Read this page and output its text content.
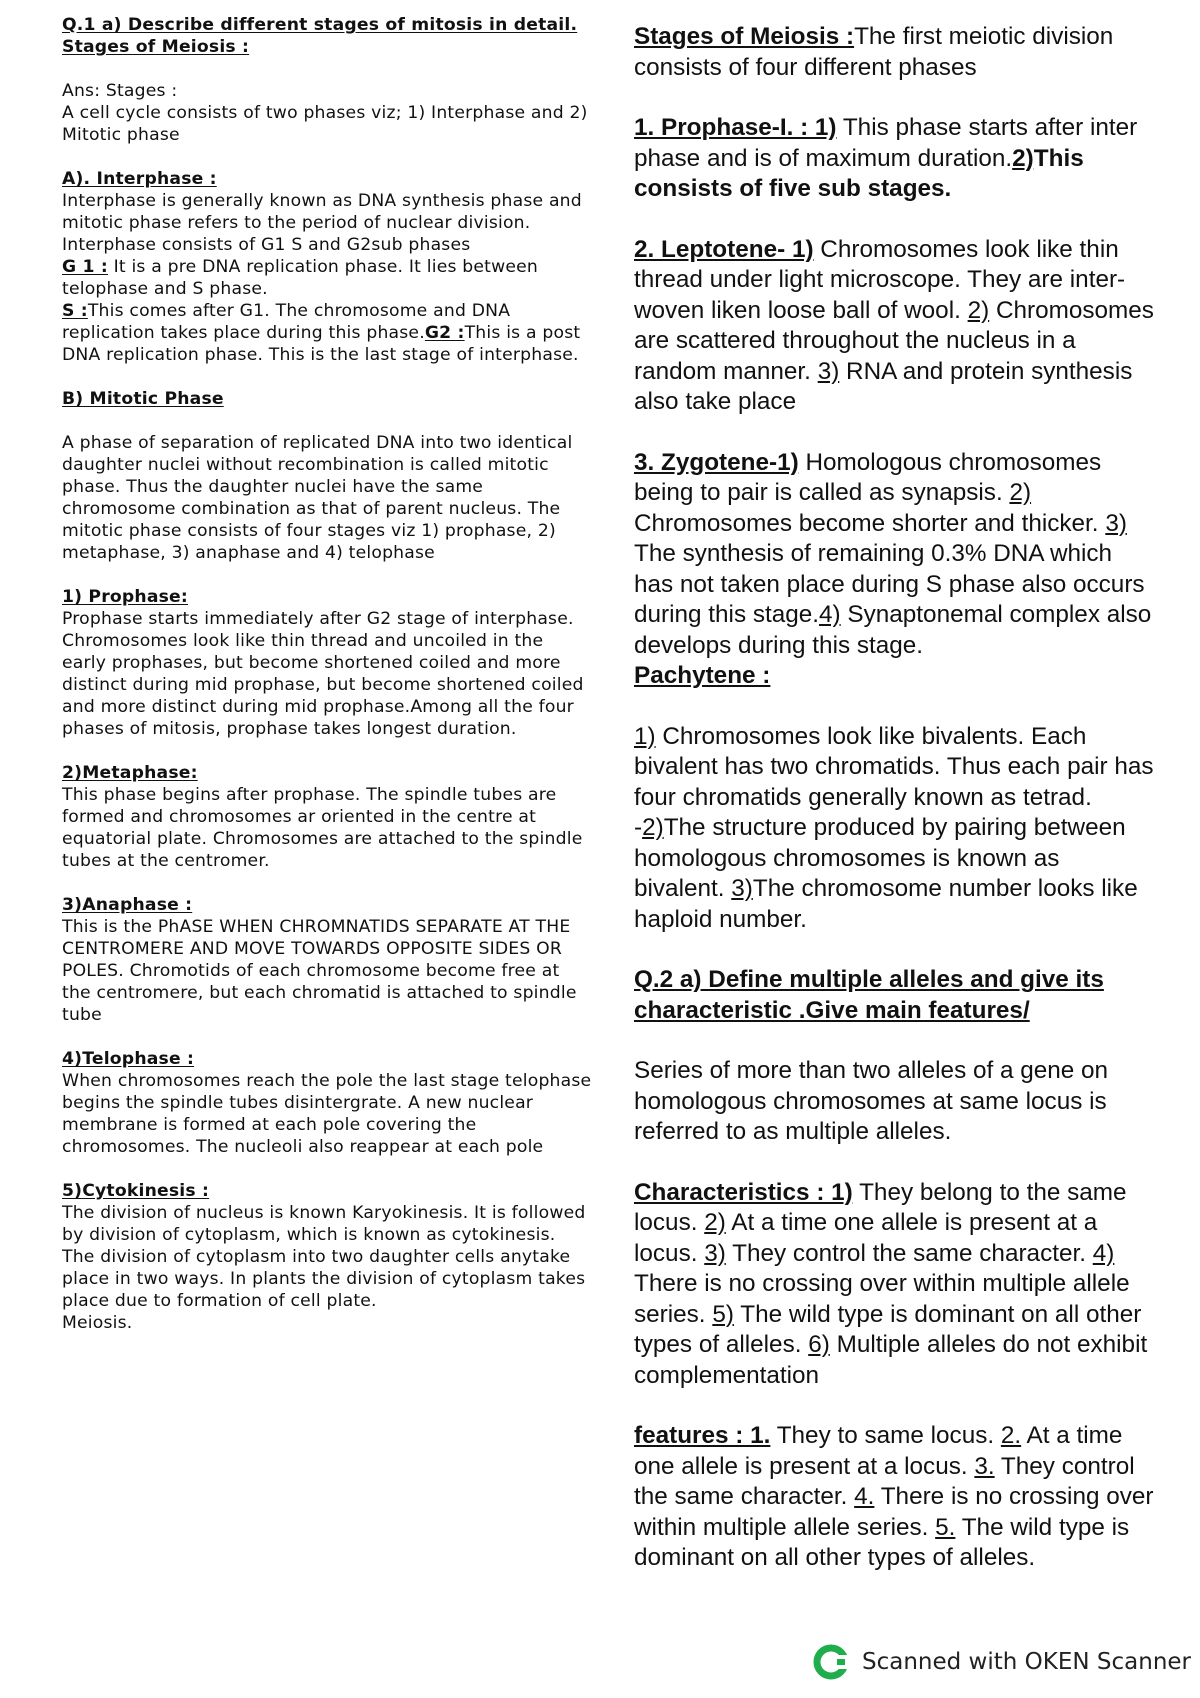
Q.1 a) Describe different stages of mitosis in detail. Stages of Meiosis :

Ans: Stages :

A cell cycle consists of two phases viz; 1) Interphase and 2) Mitotic phase

A). Interphase :

Interphase is generally known as DNA synthesis phase and mitotic phase refers to the period of nuclear division. Interphase consists of G1 S and G2sub phases
G 1 : It is a pre DNA replication phase. It lies between telophase and S phase.
S :This comes after G1. The chromosome and DNA replication takes place during this phase.G2 :This is a post DNA replication phase. This is the last stage of interphase.

B) Mitotic Phase

A phase of separation of replicated DNA into two identical daughter nuclei without recombination is called mitotic phase. Thus the daughter nuclei have the same chromosome combination as that of parent nucleus. The mitotic phase consists of four stages viz 1) prophase, 2) metaphase, 3) anaphase and 4) telophase

1) Prophase:

Prophase starts immediately after G2 stage of interphase. Chromosomes look like thin thread and uncoiled in the early prophases, but become shortened coiled and more distinct during mid prophase, but become shortened coiled and more distinct during mid prophase.Among all the four phases of mitosis, prophase takes longest duration.

2)Metaphase:

This phase begins after prophase. The spindle tubes are formed and chromosomes ar oriented in the centre at equatorial plate. Chromosomes are attached to the spindle tubes at the centromer.

3)Anaphase :

This is the PhASE WHEN CHROMNATIDS SEPARATE AT THE CENTROMERE AND MOVE TOWARDS OPPOSITE SIDES OR POLES. Chromotids of each chromosome become free at the centromere, but each chromatid is attached to spindle tube

4)Telophase :

When chromosomes reach the pole the last stage telophase begins the spindle tubes disintergrate. A new nuclear membrane is formed at each pole covering the chromosomes. The nucleoli also reappear at each pole

5)Cytokinesis :

The division of nucleus is known Karyokinesis. It is followed by division of cytoplasm, which is known as cytokinesis. The division of cytoplasm into two daughter cells anytake place in two ways. In plants the division of cytoplasm takes place due to formation of cell plate.

Meiosis.

Stages of Meiosis :The first meiotic division consists of four different phases

1. Prophase-I. : 1) This phase starts after inter phase and is of maximum duration.2)This consists of five sub stages.

2. Leptotene- 1) Chromosomes look like thin thread under light microscope. They are inter-woven liken loose ball of wool. 2) Chromosomes are scattered throughout the nucleus in a random manner. 3) RNA and protein synthesis also take place

3. Zygotene-1) Homologous chromosomes being to pair is called as synapsis. 2) Chromosomes become shorter and thicker. 3) The synthesis of remaining 0.3% DNA which has not taken place during S phase also occurs during this stage.4) Synaptonemal complex also develops during this stage.

Pachytene :

1) Chromosomes look like bivalents. Each bivalent has two chromatids. Thus each pair has four chromatids generally known as tetrad. -2)The structure produced by pairing between homologous chromosomes is known as bivalent. 3)The chromosome number looks like haploid number.

Q.2 a) Define multiple alleles and give its characteristic .Give main features/

Series of more than two alleles of a gene on homologous chromosomes at same locus is referred to as multiple alleles.

Characteristics : 1) They belong to the same locus. 2) At a time one allele is present at a locus. 3) They control the same character. 4) There is no crossing over within multiple allele series. 5) The wild type is dominant on all other types of alleles. 6) Multiple alleles do not exhibit complementation

features : 1. They to same locus. 2. At a time one allele is present at a locus. 3. They control the same character. 4. There is no crossing over within multiple allele series. 5. The wild type is dominant on all other types of alleles.

Scanned with OKEN Scanner
